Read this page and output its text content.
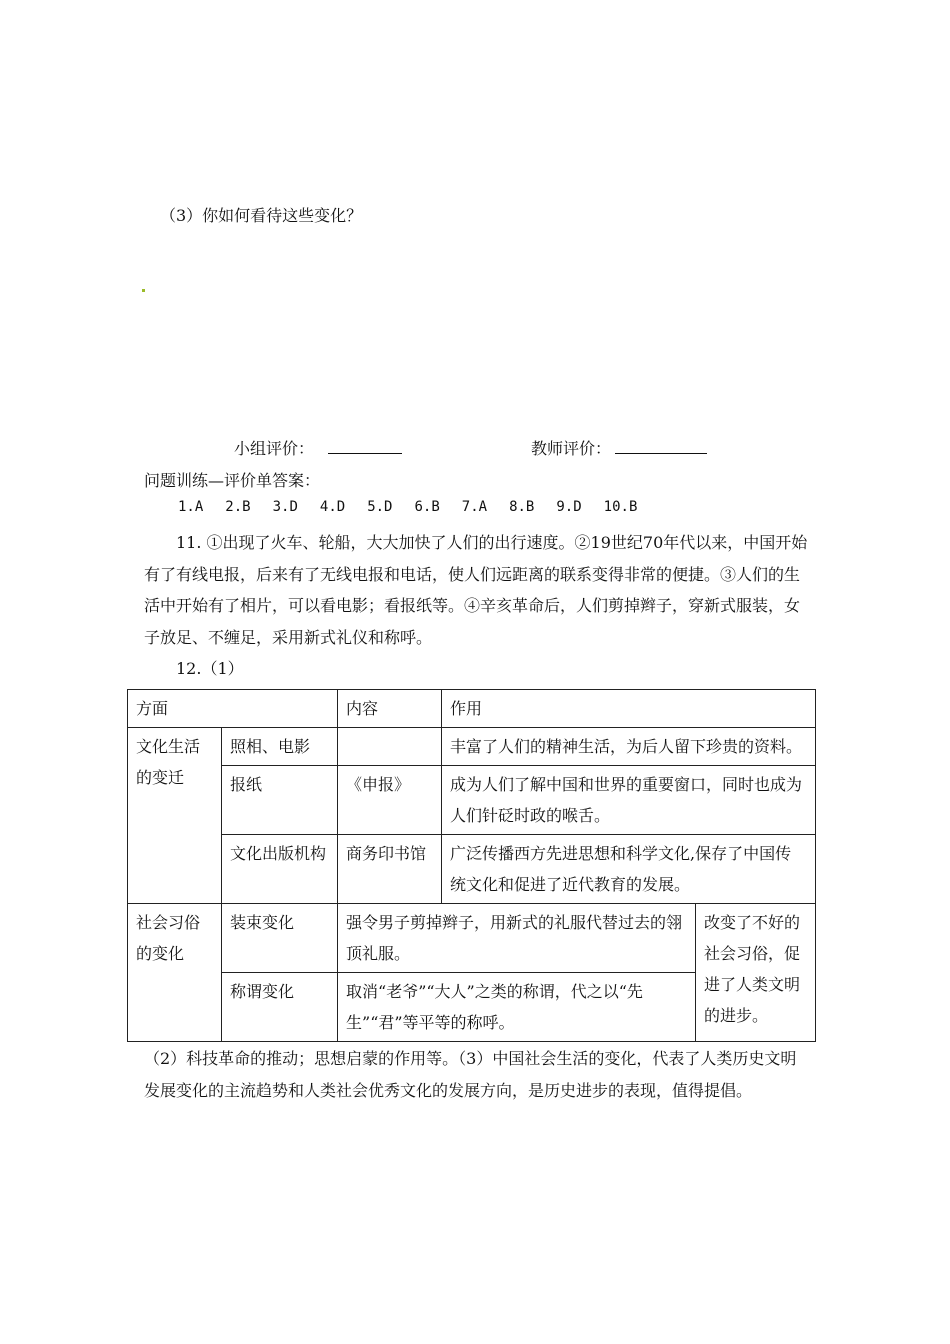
（3）你如何看待这些变化？
小组评价：	教师评价：
问题训练—评价单答案：
1.A 2.B 3.D 4.D 5.D 6.B 7.A 8.B 9.D 10.B
11. ①出现了火车、轮船，大大加快了人们的出行速度。②19世纪70年代以来，中国开始有了有线电报，后来有了无线电报和电话，使人们远距离的联系变得非常的便捷。③人们的生活中开始有了相片，可以看电影；看报纸等。④辛亥革命后，人们剪掉辫子，穿新式服装，女子放足、不缠足，采用新式礼仪和称呼。
12.（1）
方面		内容	作用	
文化生活的变迁	照相、电影		丰富了人们的精神生活，为后人留下珍贵的资料。	
	报纸	《申报》	成为人们了解中国和世界的重要窗口，同时也成为人们针砭时政的喉舌。	
	文化出版机构	商务印书馆	广泛传播西方先进思想和科学文化,保存了中国传统文化和促进了近代教育的发展。	
社会习俗的变化	装束变化	强令男子剪掉辫子，用新式的礼服代替过去的翎顶礼服。		改变了不好的社会习俗，促进了人类文明的进步。
	称谓变化	取消“老爷”“大人”之类的称谓，代之以“先生”“君”等平等的称呼。		
（2）科技革命的推动；思想启蒙的作用等。（3）中国社会生活的变化，代表了人类历史文明发展变化的主流趋势和人类社会优秀文化的发展方向，是历史进步的表现，值得提倡。
